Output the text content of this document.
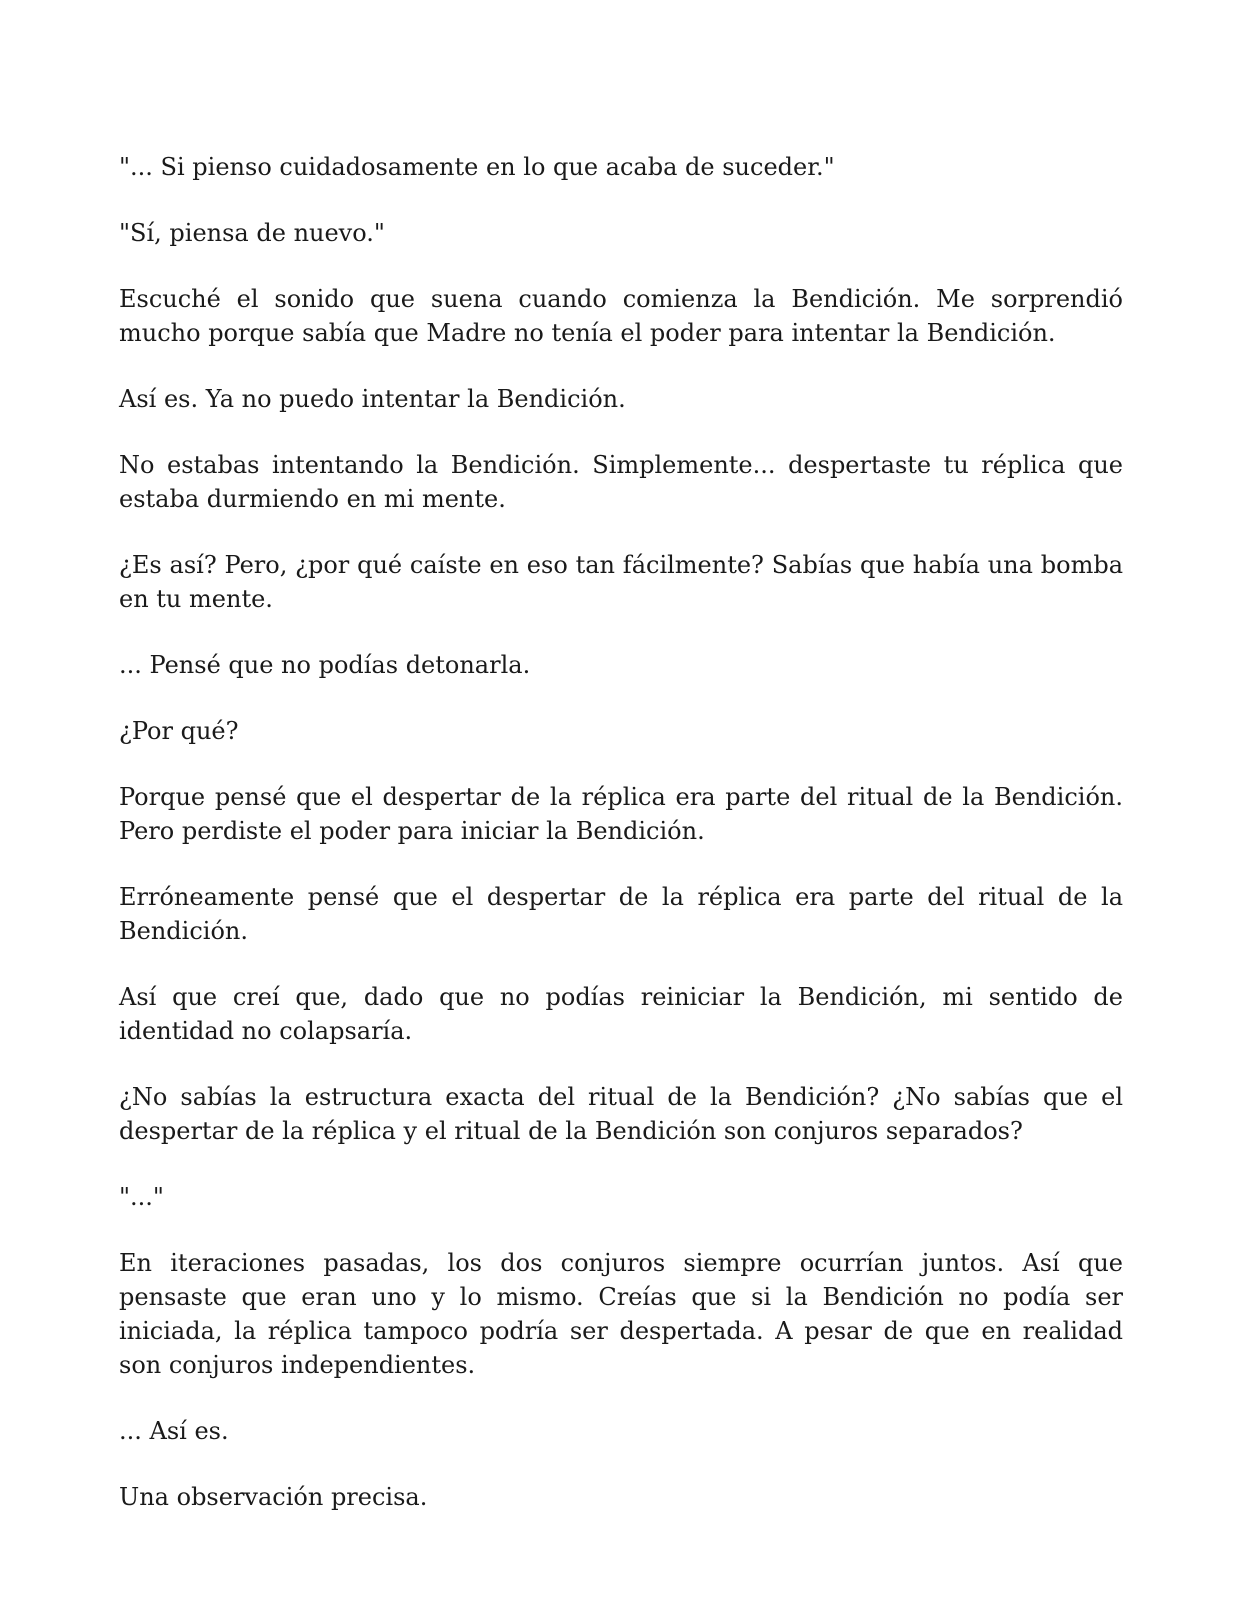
"... Si pienso cuidadosamente en lo que acaba de suceder."

"Sí, piensa de nuevo."

Escuché el sonido que suena cuando comienza la Bendición. Me sorprendió mucho porque sabía que Madre no tenía el poder para intentar la Bendición.

Así es. Ya no puedo intentar la Bendición.

No estabas intentando la Bendición. Simplemente... despertaste tu réplica que estaba durmiendo en mi mente.

¿Es así? Pero, ¿por qué caíste en eso tan fácilmente? Sabías que había una bomba en tu mente.

... Pensé que no podías detonarla.

¿Por qué?

Porque pensé que el despertar de la réplica era parte del ritual de la Bendición. Pero perdiste el poder para iniciar la Bendición.

Erróneamente pensé que el despertar de la réplica era parte del ritual de la Bendición.

Así que creí que, dado que no podías reiniciar la Bendición, mi sentido de identidad no colapsaría.

¿No sabías la estructura exacta del ritual de la Bendición? ¿No sabías que el despertar de la réplica y el ritual de la Bendición son conjuros separados?

"..."

En iteraciones pasadas, los dos conjuros siempre ocurrían juntos. Así que pensaste que eran uno y lo mismo. Creías que si la Bendición no podía ser iniciada, la réplica tampoco podría ser despertada. A pesar de que en realidad son conjuros independientes.

... Así es.

Una observación precisa.
